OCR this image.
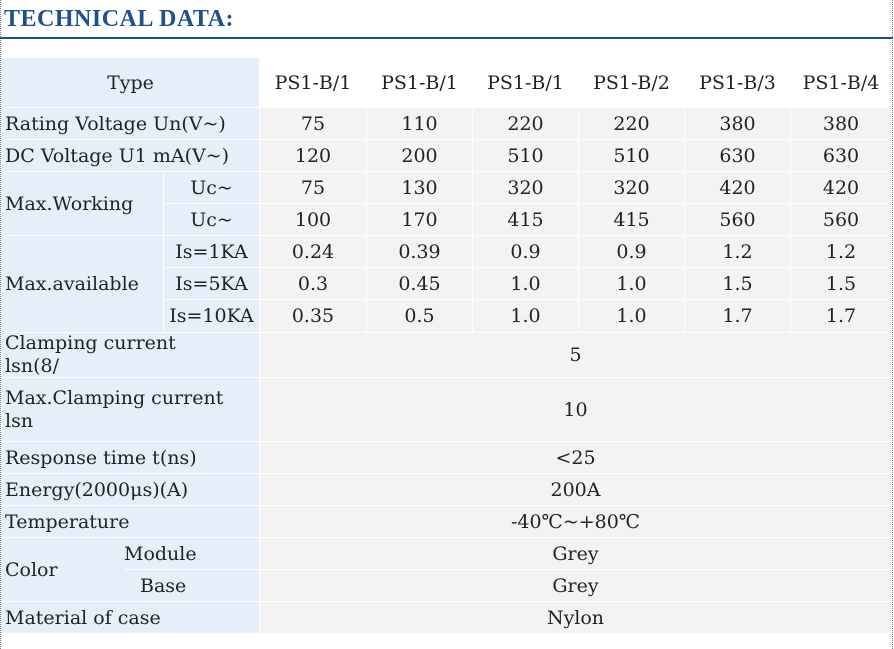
TECHNICAL DATA:
Type	PS1-B/1	PS1-B/1	PS1-B/1	PS1-B/2	PS1-B/3	PS1-B/4
Rating Voltage Un(V~)	75	110	220	220	380	380
DC Voltage U1 mA(V~)	120	200	510	510	630	630
Max.Working
Uc~	75	130	320	320	420	420
Uc~	100	170	415	415	560	560
Max.available
Is=1KA	0.24	0.39	0.9	0.9	1.2	1.2
Is=5KA	0.3	0.45	1.0	1.0	1.5	1.5
Is=10KA	0.35	0.5	1.0	1.0	1.7	1.7
Clamping current lsn(8/	5
Max.Clamping current lsn	10
Response time t(ns)	<25
Energy(2000μs)(A)	200A
Temperature	-40℃~+80℃
Color
Module	Grey
Base	Grey
Material of case	Nylon
